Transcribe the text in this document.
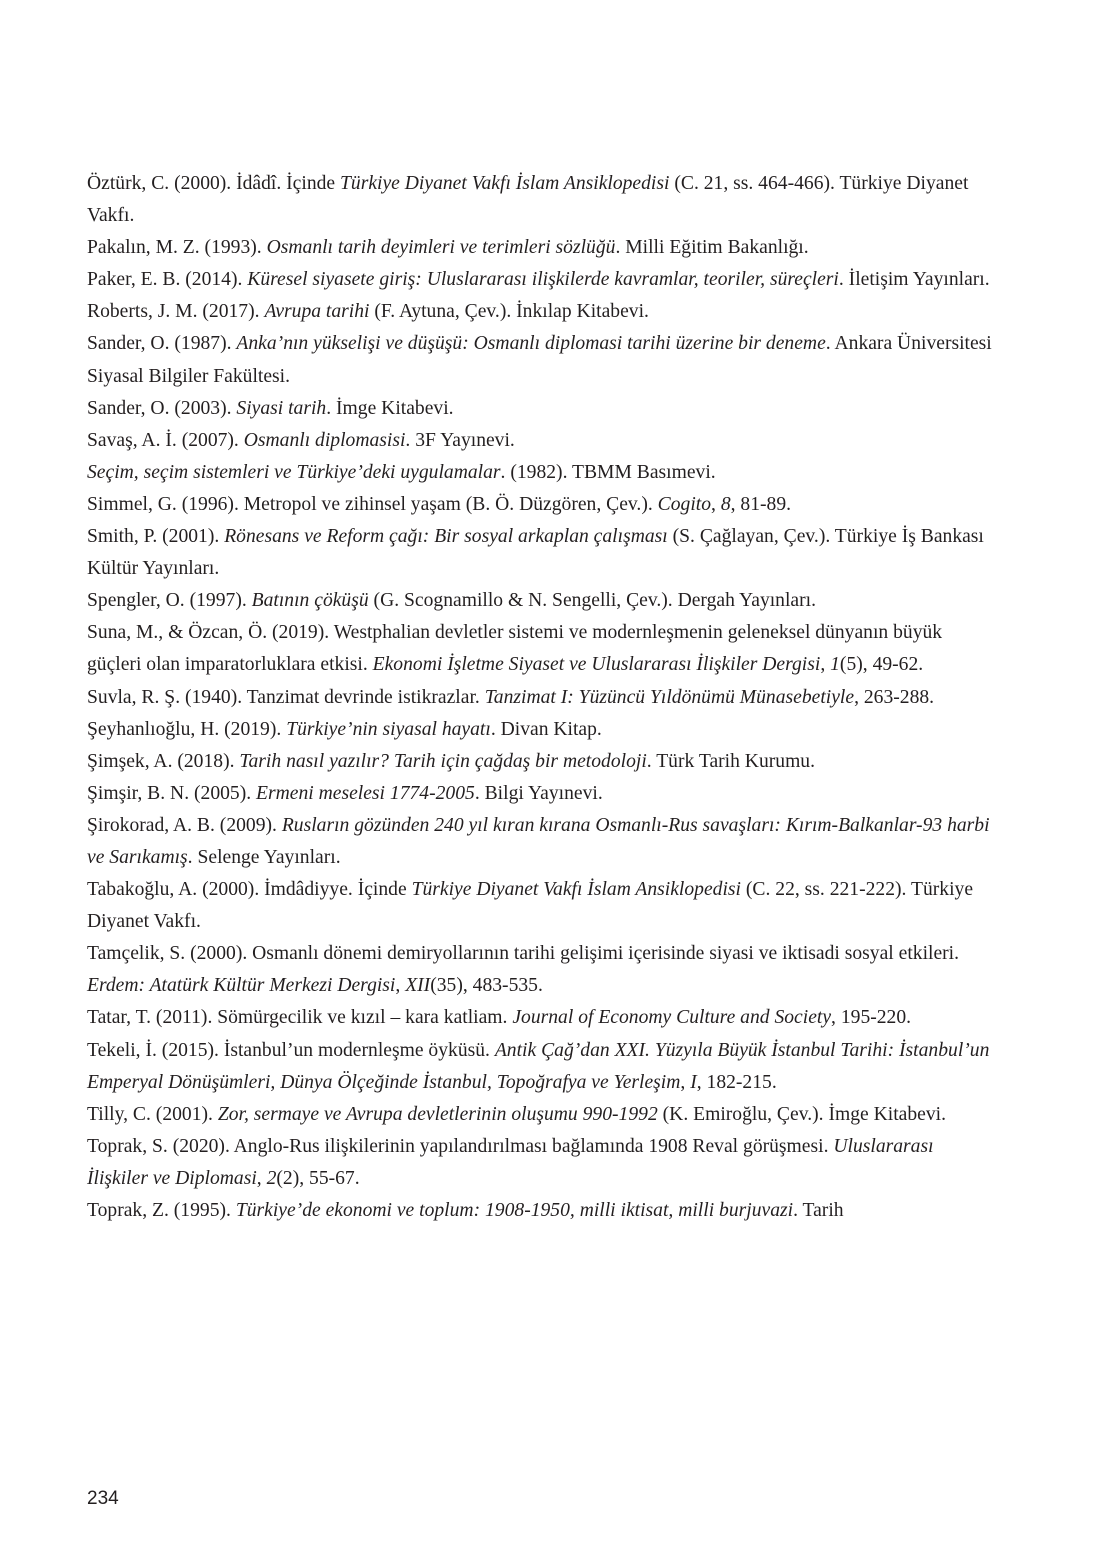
Öztürk, C. (2000). İdâdî. İçinde Türkiye Diyanet Vakfı İslam Ansiklopedisi (C. 21, ss. 464-466). Türkiye Diyanet Vakfı.

Pakalın, M. Z. (1993). Osmanlı tarih deyimleri ve terimleri sözlüğü. Milli Eğitim Bakanlığı.

Paker, E. B. (2014). Küresel siyasete giriş: Uluslararası ilişkilerde kavramlar, teoriler, süreçleri. İletişim Yayınları.

Roberts, J. M. (2017). Avrupa tarihi (F. Aytuna, Çev.). İnkılap Kitabevi.

Sander, O. (1987). Anka’nın yükselişi ve düşüşü: Osmanlı diplomasi tarihi üzerine bir deneme. Ankara Üniversitesi Siyasal Bilgiler Fakültesi.

Sander, O. (2003). Siyasi tarih. İmge Kitabevi.

Savaş, A. İ. (2007). Osmanlı diplomasisi. 3F Yayınevi.

Seçim, seçim sistemleri ve Türkiye’deki uygulamalar. (1982). TBMM Basımevi.

Simmel, G. (1996). Metropol ve zihinsel yaşam (B. Ö. Düzgören, Çev.). Cogito, 8, 81-89.

Smith, P. (2001). Rönesans ve Reform çağı: Bir sosyal arkaplan çalışması (S. Çağlayan, Çev.). Türkiye İş Bankası Kültür Yayınları.

Spengler, O. (1997). Batının çöküşü (G. Scognamillo & N. Sengelli, Çev.). Dergah Yayınları.

Suna, M., & Özcan, Ö. (2019). Westphalian devletler sistemi ve modernleşmenin geleneksel dünyanın büyük güçleri olan imparatorluklara etkisi. Ekonomi İşletme Siyaset ve Uluslararası İlişkiler Dergisi, 1(5), 49-62.

Suvla, R. Ş. (1940). Tanzimat devrinde istikrazlar. Tanzimat I: Yüzüncü Yıldönümü Münasebetiyle, 263-288.

Şeyhanlıoğlu, H. (2019). Türkiye’nin siyasal hayatı. Divan Kitap.

Şimşek, A. (2018). Tarih nasıl yazılır? Tarih için çağdaş bir metodoloji. Türk Tarih Kurumu.

Şimşir, B. N. (2005). Ermeni meselesi 1774-2005. Bilgi Yayınevi.

Şirokorad, A. B. (2009). Rusların gözünden 240 yıl kıran kırana Osmanlı-Rus savaşları: Kırım-Balkanlar-93 harbi ve Sarıkamış. Selenge Yayınları.

Tabakoğlu, A. (2000). İmdâdiyye. İçinde Türkiye Diyanet Vakfı İslam Ansiklopedisi (C. 22, ss. 221-222). Türkiye Diyanet Vakfı.

Tamçelik, S. (2000). Osmanlı dönemi demiryollarının tarihi gelişimi içerisinde siyasi ve iktisadi sosyal etkileri. Erdem: Atatürk Kültür Merkezi Dergisi, XII(35), 483-535.

Tatar, T. (2011). Sömürgecilik ve kızıl – kara katliam. Journal of Economy Culture and Society, 195-220.

Tekeli, İ. (2015). İstanbul’un modernleşme öyküsü. Antik Çağ’dan XXI. Yüzyıla Büyük İstanbul Tarihi: İstanbul’un Emperyal Dönüşümleri, Dünya Ölçeğinde İstanbul, Topoğrafya ve Yerleşim, I, 182-215.

Tilly, C. (2001). Zor, sermaye ve Avrupa devletlerinin oluşumu 990-1992 (K. Emiroğlu, Çev.). İmge Kitabevi.

Toprak, S. (2020). Anglo-Rus ilişkilerinin yapılandırılması bağlamında 1908 Reval görüşmesi. Uluslararası İlişkiler ve Diplomasi, 2(2), 55-67.

Toprak, Z. (1995). Türkiye’de ekonomi ve toplum: 1908-1950, milli iktisat, milli burjuvazi. Tarih

234
